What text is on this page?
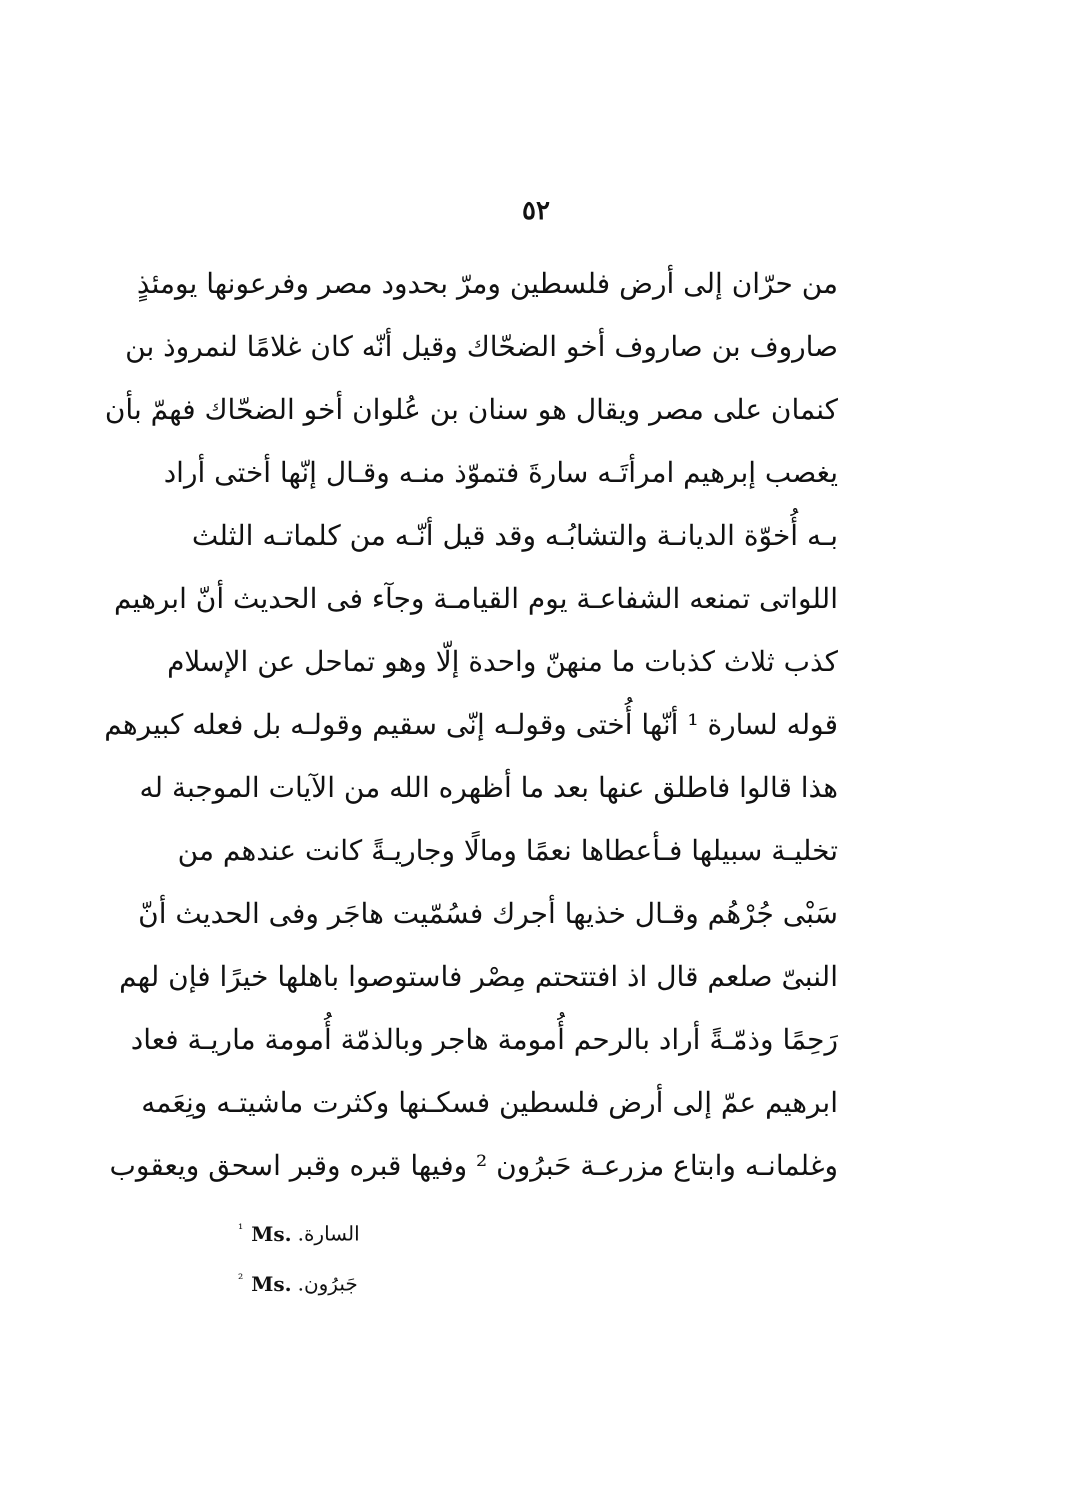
٥٢
من حرّان إلى أرض فلسطين ومرّ بحدود مصر وفرعونها يومئذٍ
صاروف بن صاروف أخو الضحّاك وقيل أنّه كان غلامًا لنمروذ بن
كنمان على مصر ويقال هو سنان بن عُلوان أخو الضحّاك فهمّ بأن
يغصب إبرهيم امرأتَـه سارةَ فتموّذ منـه وقـال إنّها أختى أراد
بـه أُخوّة الديانـة والتشابُـه وقد قيل أنّـه من كلماتـه الثلث
اللواتى تمنعه الشفاعـة يوم القيامـة وجآء فى الحديث أنّ ابرهيم
كذب ثلاث كذبات ما منهنّ واحدة إلّا وهو تماحل عن الإسلام
قوله لسارة ¹ أنّها أُختى وقولـه إنّى سقيم وقولـه بل فعله كبيرهم
هذا قالوا فاطلق عنها بعد ما أظهره الله من الآيات الموجبة له
تخليـة سبيلها فـأعطاها نعمًا ومالًا وجاريـةً كانت عندهم من
سَبْى جُرْهُم وقـال خذيها أجرك فسُمّيت هاجَر وفى الحديث أنّ
النبىّ صلعم قال اذ افتتحتم مِصْر فاستوصوا باهلها خيرًا فإن لهم
رَحِمًا وذمّـةً أراد بالرحم أُمومة هاجر وبالذمّة أُمومة ماريـة فعاد
ابرهيم عمّ إلى أرض فلسطين فسكـنها وكثرت ماشيتـه ونِعَمه
وغلمانـه وابتاع مزرعـة حَبرُون ² وفيها قبره وقبر اسحق ويعقوب
$^{^1}$ Ms. السارة.
$^{^2}$ Ms. جَبرُون.
